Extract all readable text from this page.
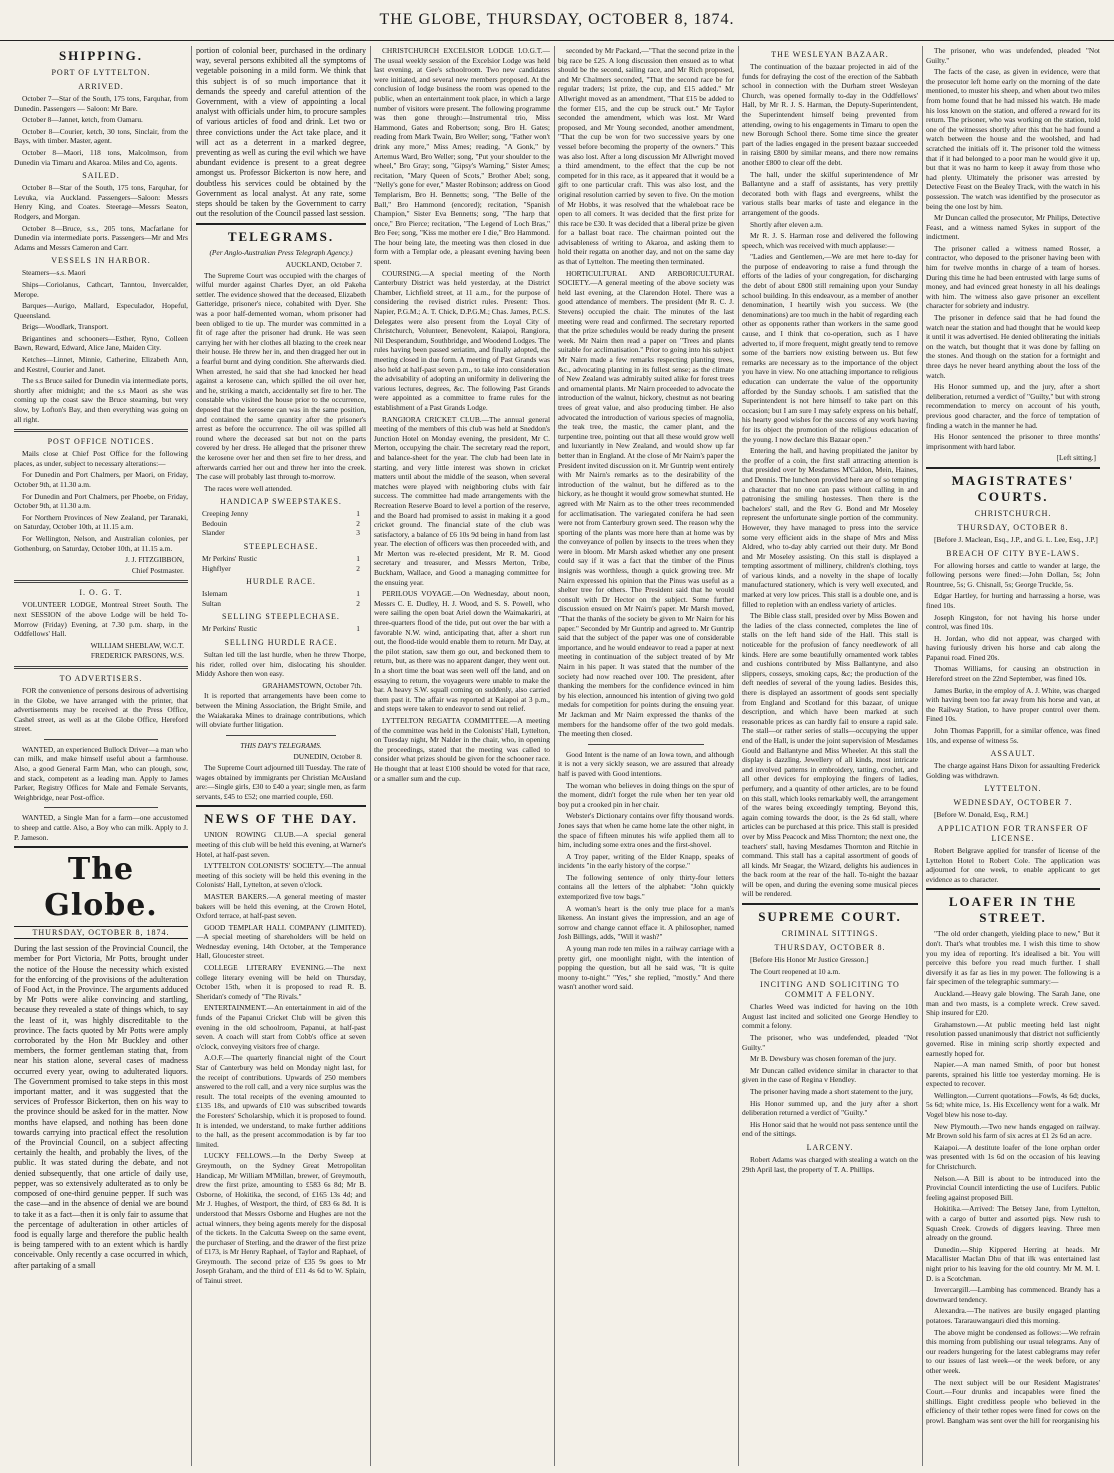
THE GLOBE, THURSDAY, OCTOBER 8, 1874.
SHIPPING.
PORT OF LYTTELTON.
ARRIVED.

October 7—Star of the South, 175 tons, Farquhar, from Dunedin. Passengers — Saloon: Mr Bare.

October 8—Jannet, ketch, from Oamaru.

October 8—Courier, ketch, 30 tons, Sinclair, from the Bays, with timber. Master, agent.

October 8—Maori, 118 tons, Malcolmson, from Dunedin via Timaru and Akaroa. Miles and Co, agents.

SAILED.

October 8—Star of the South, 175 tons, Farquhar, for Levuka, via Auckland. Passengers—Saloon: Messrs Henry King, and Coates. Steerage—Messrs Seaton, Rodgers, and Morgan.

October 8—Bruce, s.s., 205 tons, Macfarlane for Dunedin via intermediate ports. Passengers—Mr and Mrs Adams and Messrs Cameron and Carr.

VESSELS IN HARBOR.

Steamers—s.s. Maori

Ships—Coriolanus, Cathcart, Tanntou, Invercalder, Merope.

Barques—Aurigo, Mallard, Especulador, Hopeful, Queensland.

Brigs—Woodlark, Transport.

Brigantines and schooners—Esther, Ryno, Colleen Bawn, Reward, Edward, Alice Jane, Maiden City.

Ketches—Linnet, Minnie, Catherine, Elizabeth Ann, and Kestrel, Courier and Janet.

The s.s Bruce sailed for Dunedin via intermediate ports, shortly after midnight; and the s.s Maori as she was coming up the coast saw the Bruce steaming, but very slow, by Lofton's Bay, and then everything was going on all right.

POST OFFICE NOTICES.

Mails close at Chief Post Office for the following places, as under, subject to necessary alterations:—

For Dunedin and Port Chalmers, per Maori, on Friday, October 9th, at 11.30 a.m.

For Dunedin and Port Chalmers, per Phoebe, on Friday, October 9th, at 11.30 a.m.

For Northern Provinces of New Zealand, per Taranaki, on Saturday, October 10th, at 11.15 a.m.

For Wellington, Nelson, and Australian colonies, per Gothenburg, on Saturday, October 10th, at 11.15 a.m.

J. J. FITZGIBBON,
Chief Postmaster.
I. O. G. T.

VOLUNTEER LODGE, Montreal Street South. The next SESSION of the above Lodge will be held To-Morrow (Friday) Evening, at 7.30 p.m. sharp, in the Oddfellows' Hall.

WILLIAM SHEBLAW, W.C.T.
FREDERICK PARSONS, W.S.
TO ADVERTISERS.

FOR the convenience of persons desirous of advertising in the Globe, we have arranged with the printer, that advertisements may be received at the Press Office, Cashel street, as well as at the Globe Office, Hereford street.

WANTED, an experienced Bullock Driver—a man who can milk, and make himself useful about a farmhouse. Also, a good General Farm Man, who can plough, sow, and stack, competent as a leading man. Apply to James Parker, Registry Offices for Male and Female Servants, Weighbridge, near Post-office.

WANTED, a Single Man for a farm—one accustomed to sheep and cattle. Also, a Boy who can milk. Apply to J. P. Jameson.

The Globe.
THURSDAY, OCTOBER 8, 1874.

During the last session of the Provincial Council, the member for Port Victoria, Mr Potts, brought under the notice of the House the necessity which existed for the enforcing of the provisions of the adulteration of Food Act, in the Province. The arguments adduced by Mr Potts were alike convincing and startling, because they revealed a state of things which, to say the least of it, was highly discreditable to the province. The facts quoted by Mr Potts were amply corroborated by the Hon Mr Buckley and other members, the former gentleman stating that, from near his station alone, several cases of madness occurred every year, owing to adulterated liquors. The Government promised to take steps in this most important matter, and it was suggested that the services of Professor Bickerton, then on his way to the province should be asked for in the matter. Now months have elapsed, and nothing has been done towards carrying into practical effect the resolution of the Provincial Council, on a subject affecting certainly the health, and probably the lives, of the public. It was stated during the debate, and not denied subsequently, that one article of daily use, pepper, was so extensively adulterated as to only be composed of one-third genuine pepper. If such was the case—and in the absence of denial we are bound to take it as a fact—then it is only fair to assume that the percentage of adulteration in other articles of food is equally large and therefore the public health is being tampered with to an extent which is hardly conceivable. Only recently a case occurred in which, after partaking of a small

portion of colonial beer, purchased in the ordinary way, several persons exhibited all the symptoms of vegetable poisoning in a mild form. We think that this subject is of so much importance that it demands the speedy and careful attention of the Government, with a view of appointing a local analyst with officials under him, to procure samples of various articles of food and drink. Let two or three convictions under the Act take place, and it will act as a deterrent in a marked degree, preventing as well as curing the evil which we have abundant evidence is present to a great degree amongst us. Professor Bickerton is now here, and doubtless his services could be obtained by the Government as local analyst. At any rate, some steps should be taken by the Government to carry out the resolution of the Council passed last session.

TELEGRAMS.
(Per Anglo-Australian Press Telegraph Agency.)
AUCKLAND, October 7.

The Supreme Court was occupied with the charges of wilful murder against Charles Dyer, an old Pakeha settler. The evidence showed that the deceased, Elizabeth Gatteridge, prisoner's niece, cohabited with Dyer. She was a poor half-demented woman, whom prisoner had been obliged to tie up. The murder was committed in a fit of rage after the prisoner had drunk. He was seen carrying her with her clothes all blazing to the creek near their house. He threw her in, and then dragged her out in a fearful burnt and dying condition. She afterwards died. When arrested, he said that she had knocked her head against a kerosene can, which spilled the oil over her, and he, striking a match, accidentally set fire to her. The constable who visited the house prior to the occurrence, deposed that the kerosene can was in the same position, and contained the same quantity after the prisoner's arrest as before the occurrence. The oil was spilled all round where the deceased sat but not on the parts covered by her dress. He alleged that the prisoner threw the kerosene over her and then set fire to her dress, and afterwards carried her out and threw her into the creek. The case will probably last through to-morrow.

The races were well attended.

HANDICAP SWEEPSTAKES.
Creeping Jenny	1
Bedouin	2
Slander	3
STEEPLECHASE.
Mr Perkins' Rustic	1
Highflyer	2
HURDLE RACE.
Islemam	1
Sultan	2
SELLING STEEPLECHASE.
Mr Perkins' Rustic	1
SELLING HURDLE RACE.

Sultan led till the last hurdle, when he threw Thorpe, his rider, rolled over him, dislocating his shoulder. Middy Ashore then won easy.

GRAHAMSTOWN, October 7th.

It is reported that arrangements have been come to between the Mining Association, the Bright Smile, and the Waiakaraka Mines to drainage contributions, which will obviate further litigation.

THIS DAY'S TELEGRAMS.
DUNEDIN, October 8.

The Supreme Court adjourned till Tuesday. The rate of wages obtained by immigrants per Christian McAusland are:—Single girls, £30 to £40 a year; single men, as farm servants, £45 to £52; one married couple, £60.

NEWS OF THE DAY.

UNION ROWING CLUB.—A special general meeting of this club will be held this evening, at Warner's Hotel, at half-past seven.

LYTTELTON COLONISTS' SOCIETY.—The annual meeting of this society will be held this evening in the Colonists' Hall, Lyttelton, at seven o'clock.

MASTER BAKERS.—A general meeting of master bakers will be held this evening, at the Crown Hotel, Oxford terrace, at half-past seven.

GOOD TEMPLAR HALL COMPANY (LIMITED).—A special meeting of shareholders will be held on Wednesday evening, 14th October, at the Temperance Hall, Gloucester street.

COLLEGE LITERARY EVENING.—The next college literary evening will be held on Thursday, October 15th, when it is proposed to read R. B. Sheridan's comedy of "The Rivals."

ENTERTAINMENT.—An entertainment in aid of the funds of the Papanui Cricket Club will be given this evening in the old schoolroom, Papanui, at half-past seven. A coach will start from Cobb's office at seven o'clock, conveying visitors free of charge.

A.O.F.—The quarterly financial night of the Court Star of Canterbury was held on Monday night last, for the receipt of contributions. Upwards of 250 members answered to the roll call, and a very nice surplus was the result. The total receipts of the evening amounted to £135 18s, and upwards of £10 was subscribed towards the Foresters' Scholarship, which it is proposed to found. It is intended, we understand, to make further additions to the hall, as the present accommodation is by far too limited.

LUCKY FELLOWS.—In the Derby Sweep at Greymouth, on the Sydney Great Metropolitan Handicap, Mr William M'Millan, brewer, of Greymouth, drew the first prize, amounting to £583 6s 8d; Mr B. Osborne, of Hokitika, the second, of £165 13s 4d; and Mr J. Hughes, of Westport, the third, of £83 6s 8d. It is understood that Messrs Osborne and Hughes are not the actual winners, they being agents merely for the disposal of the tickets. In the Calcutta Sweep on the same event, the purchaser of Sterling, and the drawer of the first prize of £173, is Mr Henry Raphael, of Taylor and Raphael, of Greymouth. The second prize of £35 9s goes to Mr Joseph Graham, and the third of £11 4s 6d to W. Splain, of Tainui street.

CHRISTCHURCH EXCELSIOR LODGE I.O.G.T.—The usual weekly session of the Excelsior Lodge was held last evening, at Gee's schoolroom. Two new candidates were initiated, and several new members proposed. At the conclusion of lodge business the room was opened to the public, when an entertainment took place, in which a large number of visitors were present. The following programme was then gone through:—Instrumental trio, Miss Hammond, Gates and Robertson; song, Bro H. Gates; reading from Mark Twain, Bro Weller; song, "Father won't drink any more," Miss Ames; reading, "A Gonk," by Artemus Ward, Bro Weller; song, "Put your shoulder to the wheel," Bro Gray; song, "Gipsy's Warning," Sister Ames; recitation, "Mary Queen of Scots," Brother Abel; song, "Nelly's gone for ever," Master Robinson; address on Good Templarism, Bro H. Bennetts; song, "The Belle of the Ball," Bro Hammond (encored); recitation, "Spanish Champion," Sister Eva Bennetts; song, "The harp that once," Bro Pierce; recitation, "The Legend of Loch Bras," Bro Fee; song, "Kiss me mother ere I die," Bro Hammond. The hour being late, the meeting was then closed in due form with a Templar ode, a pleasant evening having been spent.

COURSING.—A special meeting of the North Canterbury District was held yesterday, at the District Chamber, Lichfield street, at 11 a.m., for the purpose of considering the revised district rules. Present: Thos. Napier, P.G.M.; A. T. Chick, D.P.G.M.; Chas. James, P.C.S. Delegates were also present from the Loyal City of Christchurch, Volunteer, Benevolent, Kaiapoi, Rangiora, Nil Desperandum, Southbridge, and Woodend Lodges. The rules having been passed seriatim, and finally adopted, the meeting closed in due form. A meeting of Past Grands was also held at half-past seven p.m., to take into consideration the advisability of adopting an uniformity in delivering the various lectures, degrees, &c. The following Past Grands were appointed as a committee to frame rules for the establishment of a Past Grands Lodge.

RANGIORA CRICKET CLUB.—The annual general meeting of the members of this club was held at Sneddon's Junction Hotel on Monday evening, the president, Mr C. Merton, occupying the chair. The secretary read the report, and balance-sheet for the year. The club had been late in starting, and very little interest was shown in cricket matters until about the middle of the season, when several matches were played with neighboring clubs with fair success. The committee had made arrangements with the Recreation Reserve Board to level a portion of the reserve, and the Board had promised to assist in making it a good cricket ground. The financial state of the club was satisfactory, a balance of £6 10s 9d being in hand from last year. The election of officers was then proceeded with, and Mr Merton was re-elected president, Mr R. M. Good secretary and treasurer, and Messrs Merton, Tribe, Buckham, Wallace, and Good a managing committee for the ensuing year.

PERILOUS VOYAGE.—On Wednesday, about noon, Messrs C. E. Dudley, H. J. Wood, and S. S. Powell, who were sailing the open boat Ariel down the Waimakariri, at three-quarters flood of the tide, put out over the bar with a favorable N.W. wind, anticipating that, after a short run out, the flood-tide would enable them to return. Mr Day, at the pilot station, saw them go out, and beckoned them to return, but, as there was no apparent danger, they went out. In a short time the boat was seen well off the land, and on essaying to return, the voyageurs were unable to make the bar. A heavy S.W. squall coming on suddenly, also carried them past it. The affair was reported at Kaiapoi at 3 p.m., and steps were taken to endeavor to send out relief.

LYTTELTON REGATTA COMMITTEE.—A meeting of the committee was held in the Colonists' Hall, Lyttelton, on Tuesday night, Mr Nalder in the chair, who, in opening the proceedings, stated that the meeting was called to consider what prizes should be given for the schooner race. He thought that at least £100 should be voted for that race, or a smaller sum and the cup.

seconded by Mr Packard,—"That the second prize in the big race be £25. A long discussion then ensued as to what should be the second, sailing race, and Mr Rich proposed, and Mr Chalmers seconded, "That the second race be for regular traders; 1st prize, the cup, and £15 added." Mr Allwright moved as an amendment, "That £15 be added to the former £15, and the cup be struck out." Mr Taylor seconded the amendment, which was lost. Mr Ward proposed, and Mr Young seconded, another amendment, "That the cup be won for two successive years by one vessel before becoming the property of the owners." This was also lost. After a long discussion Mr Allwright moved a third amendment, to the effect that the cup be not competed for in this race, as it appeared that it would be a gift to one particular craft. This was also lost, and the original resolution carried by seven to five. On the motion of Mr Hobbs, it was resolved that the whaleboat race be open to all comers. It was decided that the first prize for this race be £30. It was decided that a liberal prize be given for a ballast boat race. The chairman pointed out the advisableness of writing to Akaroa, and asking them to hold their regatta on another day, and not on the same day as that of Lyttelton. The meeting then terminated.

HORTICULTURAL AND ARBORICULTURAL SOCIETY.—A general meeting of the above society was held last evening, at the Clarendon Hotel. There was a good attendance of members. The president (Mr R. C. J. Stevens) occupied the chair. The minutes of the last meeting were read and confirmed. The secretary reported that the prize schedules would be ready during the present week. Mr Nairn then read a paper on "Trees and plants suitable for acclimatisation." Prior to going into his subject Mr Nairn made a few remarks respecting planting trees, &c., advocating planting in its fullest sense; as the climate of New Zealand was admirably suited alike for forest trees and ornamental plants. Mr Nairn proceeded to advocate the introduction of the walnut, hickory, chestnut as not bearing trees of great value, and also producing timber. He also advocated the introduction of various species of magnolia, the teak tree, the mastic, the camer plant, and the turpentine tree, pointing out that all these would grow well and luxuriantly in New Zealand, and would show up far better than in England. At the close of Mr Nairn's paper the President invited discussion on it. Mr Guntrip went entirely with Mr Nairn's remarks as to the desirability of the introduction of the walnut, but he differed as to the hickory, as he thought it would grow somewhat stunted. He agreed with Mr Nairn as to the other trees recommended for acclimatisation. The variegated conifera he had seen were not from Canterbury grown seed. The reason why the sporting of the plants was more here than at home was by the conveyance of pollen by insects to the trees when they were in bloom. Mr Marsh asked whether any one present could say if it was a fact that the timber of the Pinus insignis was worthless, though a quick growing tree. Mr Nairn expressed his opinion that the Pinus was useful as a shelter tree for others. The President said that he would consult with Dr Hector on the subject. Some further discussion ensued on Mr Nairn's paper. Mr Marsh moved, "That the thanks of the society be given to Mr Nairn for his paper." Seconded by Mr Guntrip and agreed to. Mr Guntrip said that the subject of the paper was one of considerable importance, and he would endeavor to read a paper at next meeting in continuation of the subject treated of by Mr Nairn in his paper. It was stated that the number of the society had now reached over 100. The president, after thanking the members for the confidence evinced in him by his election, announced his intention of giving two gold medals for competition for points during the ensuing year. Mr Jackman and Mr Nairn expressed the thanks of the members for the handsome offer of the two gold medals. The meeting then closed.

Good Intent is the name of an Iowa town, and although it is not a very sickly season, we are assured that already half is paved with Good intentions.

The woman who believes in doing things on the spur of the moment, didn't forget the rule when her ten year old boy put a crooked pin in her chair.

Webster's Dictionary contains over fifty thousand words. Jones says that when he came home late the other night, in the space of fifteen minutes his wife applied them all to him, including some extra ones and the first-shovel.

A Troy paper, writing of the Elder Knapp, speaks of incidents "in the early history of the corpse."

The following sentence of only thirty-four letters contains all the letters of the alphabet: "John quickly extemporized five tow bags."

A woman's heart is the only true place for a man's likeness. An instant gives the impression, and an age of sorrow and change cannot efface it. A philosopher, named Josh Billings, adds, "Will it wash?"

A young man rode ten miles in a railway carriage with a pretty girl, one moonlight night, with the intention of popping the question, but all he said was, "It is quite moony to-night." "Yes," she replied, "mostly." And there wasn't another word said.

THE WESLEYAN BAZAAR.

The continuation of the bazaar projected in aid of the funds for defraying the cost of the erection of the Sabbath school in connection with the Durham street Wesleyan Church, was opened formally to-day in the Oddfellows' Hall, by Mr R. J. S. Harman, the Deputy-Superintendent, the Superintendent himself being prevented from attending, owing to his engagements in Timaru to open the new Borough School there. Some time since the greater part of the ladies engaged in the present bazaar succeeded in raising £800 by similar means, and there now remains another £800 to clear off the debt.

The hall, under the skilful superintendence of Mr Ballantyne and a staff of assistants, has very prettily decorated both with flags and evergreens, whilst the various stalls bear marks of taste and elegance in the arrangement of the goods.

Shortly after eleven a.m.

Mr R. J. S. Harman rose and delivered the following speech, which was received with much applause:—

"Ladies and Gentlemen,—We are met here to-day for the purpose of endeavoring to raise a fund through the efforts of the ladies of your congregation, for discharging the debt of about £800 still remaining upon your Sunday school building. In this endeavour, as a member of another denomination, I heartily wish you success. We (the denominations) are too much in the habit of regarding each other as opponents rather than workers in the same good cause, and I think that co-operation, such as I have adverted to, if more frequent, might greatly tend to remove some of the barriers now existing between us. But few remarks are necessary as to the importance of the object you have in view. No one attaching importance to religious education can underrate the value of the opportunity afforded by the Sunday schools. I am satisfied that the Superintendent is not here himself to take part on this occasion; but I am sure I may safely express on his behalf, his hearty good wishes for the success of any work having for its object the promotion of the religious education of the young. I now declare this Bazaar open."

Entering the hall, and having propitiated the janitor by the proffer of a coin, the first stall attracting attention is that presided over by Mesdames M'Caldon, Mein, Haines, and Dennis. The luncheon provided here are of so tempting a character that no one can pass without calling in and patronising the smiling hostesses. Then there is the bachelors' stall, and the Rev G. Bond and Mr Moseley represent the unfortunate single portion of the community. However, they have managed to press into the service some very efficient aids in the shape of Mrs and Miss Aldred, who to-day ably carried out their duty. Mr Bond and Mr Moseley assisting. On this stall is displayed a tempting assortment of millinery, children's clothing, toys of various kinds, and a novelty in the shape of locally manufactured stationery, which is very well executed, and marked at very low prices. This stall is a double one, and is filled to repletion with an endless variety of articles.

The Bible class stall, presided over by Miss Bowen and the ladies of the class connected, completes the line of stalls on the left hand side of the Hall. This stall is noticeable for the profusion of fancy needlework of all kinds. Here are some beautifully ornamented work tables and cushions contributed by Miss Ballantyne, and also slippers, cosseys, smoking caps, &c; the production of the deft needles of several of the young ladies. Besides this, there is displayed an assortment of goods sent specially from England and Scotland for this bazaar, of unique description, and which have been marked at such reasonable prices as can hardly fail to ensure a rapid sale. The stall—or rather series of stalls—occupying the upper end of the Hall, is under the joint supervision of Mesdames Gould and Ballantyne and Miss Wheeler. At this stall the display is dazzling. Jewellery of all kinds, most intricate and involved patterns in embroidery, tatting, crochet, and all other devices for employing the fingers of ladies, perfumery, and a quantity of other articles, are to be found on this stall, which looks remarkably well, the arrangement of the wares being exceedingly tempting. Beyond this, again coming towards the door, is the 2s 6d stall, where articles can be purchased at this price. This stall is presided over by Miss Peacock and Miss Thornton; the next one, the teachers' stall, having Mesdames Thornton and Ritchie in command. This stall has a capital assortment of goods of all kinds. Mr Seagar, the Wizard, delights his audiences in the back room at the rear of the hall. To-night the bazaar will be open, and during the evening some musical pieces will be rendered.

SUPREME COURT.
CRIMINAL SITTINGS.
THURSDAY, OCTOBER 8.

[Before His Honor Mr Justice Gresson.]

The Court reopened at 10 a.m.

INCITING AND SOLICITING TO COMMIT A FELONY.

Charles Weed was indicted for having on the 10th August last incited and solicited one George Hendley to commit a felony.

The prisoner, who was undefended, pleaded "Not Guilty."

Mr B. Dewsbury was chosen foreman of the jury.

Mr Duncan called evidence similar in character to that given in the case of Regina v Hendley.

The prisoner having made a short statement to the jury,

His Honor summed up, and the jury after a short deliberation returned a verdict of "Guilty."

His Honor said that he would not pass sentence until the end of the sittings.

LARCENY.

Robert Adams was charged with stealing a watch on the 29th April last, the property of T. A. Phillips.

The prisoner, who was undefended, pleaded "Not Guilty."

The facts of the case, as given in evidence, were that the prosecutor left home early on the morning of the date mentioned, to muster his sheep, and when about two miles from home found that he had missed his watch. He made his loss known on the station, and offered a reward for its return. The prisoner, who was working on the station, told one of the witnesses shortly after this that he had found a watch between the house and the woolshed, and had scratched the initials off it. The prisoner told the witness that if it had belonged to a poor man he would give it up, but that it was no harm to keep it away from those who had plenty. Ultimately the prisoner was arrested by Detective Feast on the Bealey Track, with the watch in his possession. The watch was identified by the prosecutor as being the one lost by him.

Mr Duncan called the prosecutor, Mr Philips, Detective Feast, and a witness named Sykes in support of the indictment.

The prisoner called a witness named Rosser, a contractor, who deposed to the prisoner having been with him for twelve months in charge of a team of horses. During this time he had been entrusted with large sums of money, and had evinced great honesty in all his dealings with him. The witness also gave prisoner an excellent character for sobriety and industry.

The prisoner in defence said that he had found the watch near the station and had thought that he would keep it until it was advertised. He denied obliterating the initials on the watch, but thought that it was done by falling on the stones. And though on the station for a fortnight and three days he never heard anything about the loss of the watch.

His Honor summed up, and the jury, after a short deliberation, returned a verdict of "Guilty," but with strong recommendation to mercy on account of his youth, previous good character, and the force of temptation of finding a watch in the manner he had.

His Honor sentenced the prisoner to three months' imprisonment with hard labor.

[Left sitting.]
MAGISTRATES' COURTS.
CHRISTCHURCH.
THURSDAY, OCTOBER 8.

[Before J. Maclean, Esq., J.P., and G. L. Lee, Esq., J.P.]

BREACH OF CITY BYE-LAWS.

For allowing horses and cattle to wander at large, the following persons were fined:—John Dollan, 5s; John Rountree, 5s; G. Chisnall, 5s; George Truckle, 5s.

Edgar Hartley, for hurting and harrassing a horse, was fined 10s.

Joseph Kingston, for not having his horse under control, was fined 10s.

H. Jordan, who did not appear, was charged with having furiously driven his horse and cab along the Papanui road. Fined 20s.

Thomas Williams, for causing an obstruction in Hereford street on the 22nd September, was fined 10s.

James Burke, in the employ of A. J. White, was charged with having been too far away from his horse and van, at the Railway Station, to have proper control over them. Fined 10s.

John Thomas Papprill, for a similar offence, was fined 10s, and expense of witness 5s.

ASSAULT.

The charge against Hans Dixon for assaulting Frederick Golding was withdrawn.

LYTTELTON.
WEDNESDAY, OCTOBER 7.

[Before W. Donald, Esq., R.M.]

APPLICATION FOR TRANSFER OF LICENSE.

Robert Belgrave applied for transfer of license of the Lyttelton Hotel to Robert Cole. The application was adjourned for one week, to enable applicant to get evidence as to character.

LOAFER IN THE STREET.

"The old order changeth, yielding place to new," But it don't. That's what troubles me. I wish this time to show you my idea of reporting. It's idealised a bit. You will perceive this before you read much further. I shall diversify it as far as lies in my power. The following is a fair specimen of the telegraphic summary:—

Auckland.—Heavy gale blowing. The Sarah Jane, one man and two masts, is a complete wreck. Crew saved. Ship insured for £20.

Grahamstown.—At public meeting held last night resolution passed unanimously that district not sufficiently governed. Rise in mining scrip shortly expected and earnestly hoped for.

Napier.—A man named Smith, of poor but honest parents, sprained his little toe yesterday morning. He is expected to recover.

Wellington.—Current quotations—Fowls, 4s 6d; ducks, 5s 6d; white mice, 1s. His Excellency went for a walk. Mr Vogel blew his nose to-day.

New Plymouth.—Two new hands engaged on railway. Mr Brown sold his farm of six acres at £1 2s 6d an acre.

Kaiapoi.—A destitute loafer of the lone orphan order was presented with 1s 6d on the occasion of his leaving for Christchurch.

Nelson.—A Bill is about to be introduced into the Provincial Council interdicting the use of Lucifers. Public feeling against proposed Bill.

Hokitika.—Arrived: The Betsey Jane, from Lyttelton, with a cargo of butter and assorted pigs. New rush to Squash Creek. Crowds of diggers leaving. Three men already on the ground.

Dunedin.—Ship Kippered Herring at heads. Mr Macallister MacIan Dhu of that ilk was entertained last night prior to his leaving for the old country. Mr M. M. I. D. is a Scotchman.

Invercargill.—Lambing has commenced. Brandy has a downward tendency.

Alexandra.—The natives are busily engaged planting potatoes. Tararauwangauri died this morning.

The above might be condensed as follows:—We refrain this morning from publishing our usual telegrams. Any of our readers hungering for the latest cablegrams may refer to our issues of last week—or the week before, or any other week.

The next subject will be our Resident Magistrates' Court.—Four drunks and incapables were fined the shillings. Eight creditless people who believed in the efficiency of their tether ropes were fined for cows on the prowl. Bangham was sent over the hill for reorganising his
